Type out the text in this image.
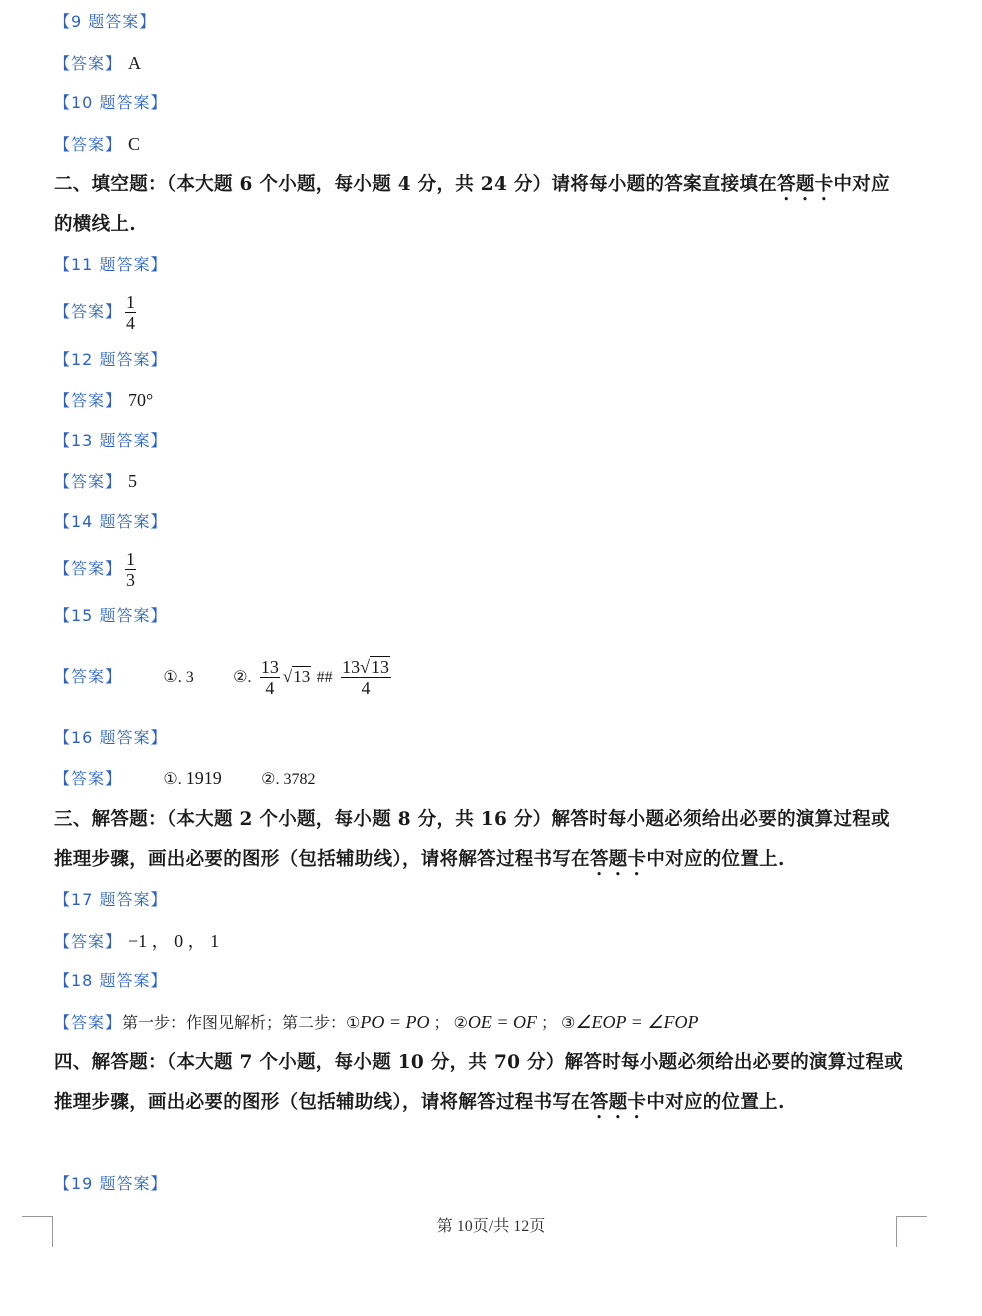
【9 题答案】
【答案】 A
【10 题答案】
【答案】 C
二、填空题：（本大题 6 个小题，每小题 4 分，共 24 分）请将每小题的答案直接填在答题卡中对应的横线上.
【11 题答案】
【答案】 $\frac{1}{4}$
【12 题答案】
【答案】 70°
【13 题答案】
【答案】 5
【14 题答案】
【答案】 $\frac{1}{3}$
【15 题答案】
【答案】	①. 3 ②. $\frac{13}{4} √13$ ## $\frac{13√13}{4}$
【16 题答案】
【答案】	①. 1919 ②. 3782
三、解答题：（本大题 2 个小题，每小题 8 分，共 16 分）解答时每小题必须给出必要的演算过程或推理步骤，画出必要的图形（包括辅助线），请将解答过程书写在答题卡中对应的位置上.
【17 题答案】
【答案】 −1 ， 0 ， 1
【18 题答案】
【答案】第一步：作图见解析；第二步：①PO = PO ； ②OE = OF ； ③∠EOP = ∠FOP
四、解答题：（本大题 7 个小题，每小题 10 分，共 70 分）解答时每小题必须给出必要的演算过程或推理步骤，画出必要的图形（包括辅助线），请将解答过程书写在答题卡中对应的位置上.
【19 题答案】
第 10页/共 12页
